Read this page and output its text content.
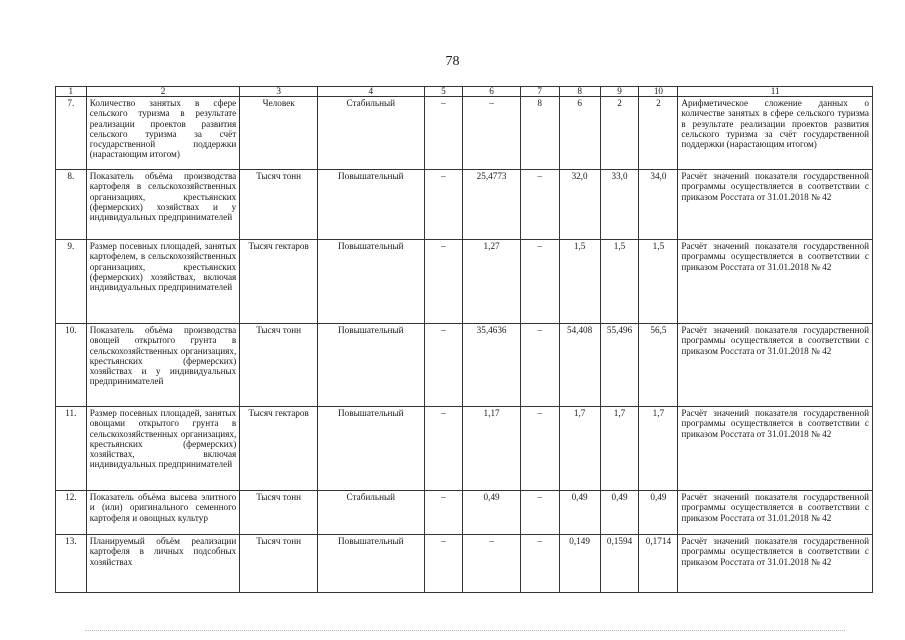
78
1	2	3	4	5	6	7	8	9	10	11
7.	Количество занятых в сфере сельского туризма в результате реализации проектов развития сельского туризма за счёт государственной поддержки (нарастающим итогом)	Человек	Стабильный	–	–	8	6	2	2	Арифметическое сложение данных о количестве занятых в сфере сельского туризма в результате реализации проектов развития сельского туризма за счёт государственной поддержки (нарастающим итогом)
8.	Показатель объёма производства картофеля в сельскохозяйственных организациях, крестьянских (фермерских) хозяйствах и у индивидуальных предпринимателей	Тысяч тонн	Повышательный	–	25,4773	–	32,0	33,0	34,0	Расчёт значений показателя государственной программы осуществляется в соответствии с приказом Росстата от 31.01.2018 № 42
9.	Размер посевных площадей, занятых картофелем, в сельскохозяйственных организациях, крестьянских (фермерских) хозяйствах, включая индивидуальных предпринимателей	Тысяч гектаров	Повышательный	–	1,27	–	1,5	1,5	1,5	Расчёт значений показателя государственной программы осуществляется в соответствии с приказом Росстата от 31.01.2018 № 42
10.	Показатель объёма производства овощей открытого грунта в сельскохозяйственных организациях, крестьянских (фермерских) хозяйствах и у индивидуальных предпринимателей	Тысяч тонн	Повышательный	–	35,4636	–	54,408	55,496	56,5	Расчёт значений показателя государственной программы осуществляется в соответствии с приказом Росстата от 31.01.2018 № 42
11.	Размер посевных площадей, занятых овощами открытого грунта в сельскохозяйственных организациях, крестьянских (фермерских) хозяйствах, включая индивидуальных предпринимателей	Тысяч гектаров	Повышательный	–	1,17	–	1,7	1,7	1,7	Расчёт значений показателя государственной программы осуществляется в соответствии с приказом Росстата от 31.01.2018 № 42
12.	Показатель объёма высева элитного и (или) оригинального семенного картофеля и овощных культур	Тысяч тонн	Стабильный	–	0,49	–	0,49	0,49	0,49	Расчёт значений показателя государственной программы осуществляется в соответствии с приказом Росстата от 31.01.2018 № 42
13.	Планируемый объём реализации картофеля в личных подсобных хозяйствах	Тысяч тонн	Повышательный	–	–	–	0,149	0,1594	0,1714	Расчёт значений показателя государственной программы осуществляется в соответствии с приказом Росстата от 31.01.2018 № 42
